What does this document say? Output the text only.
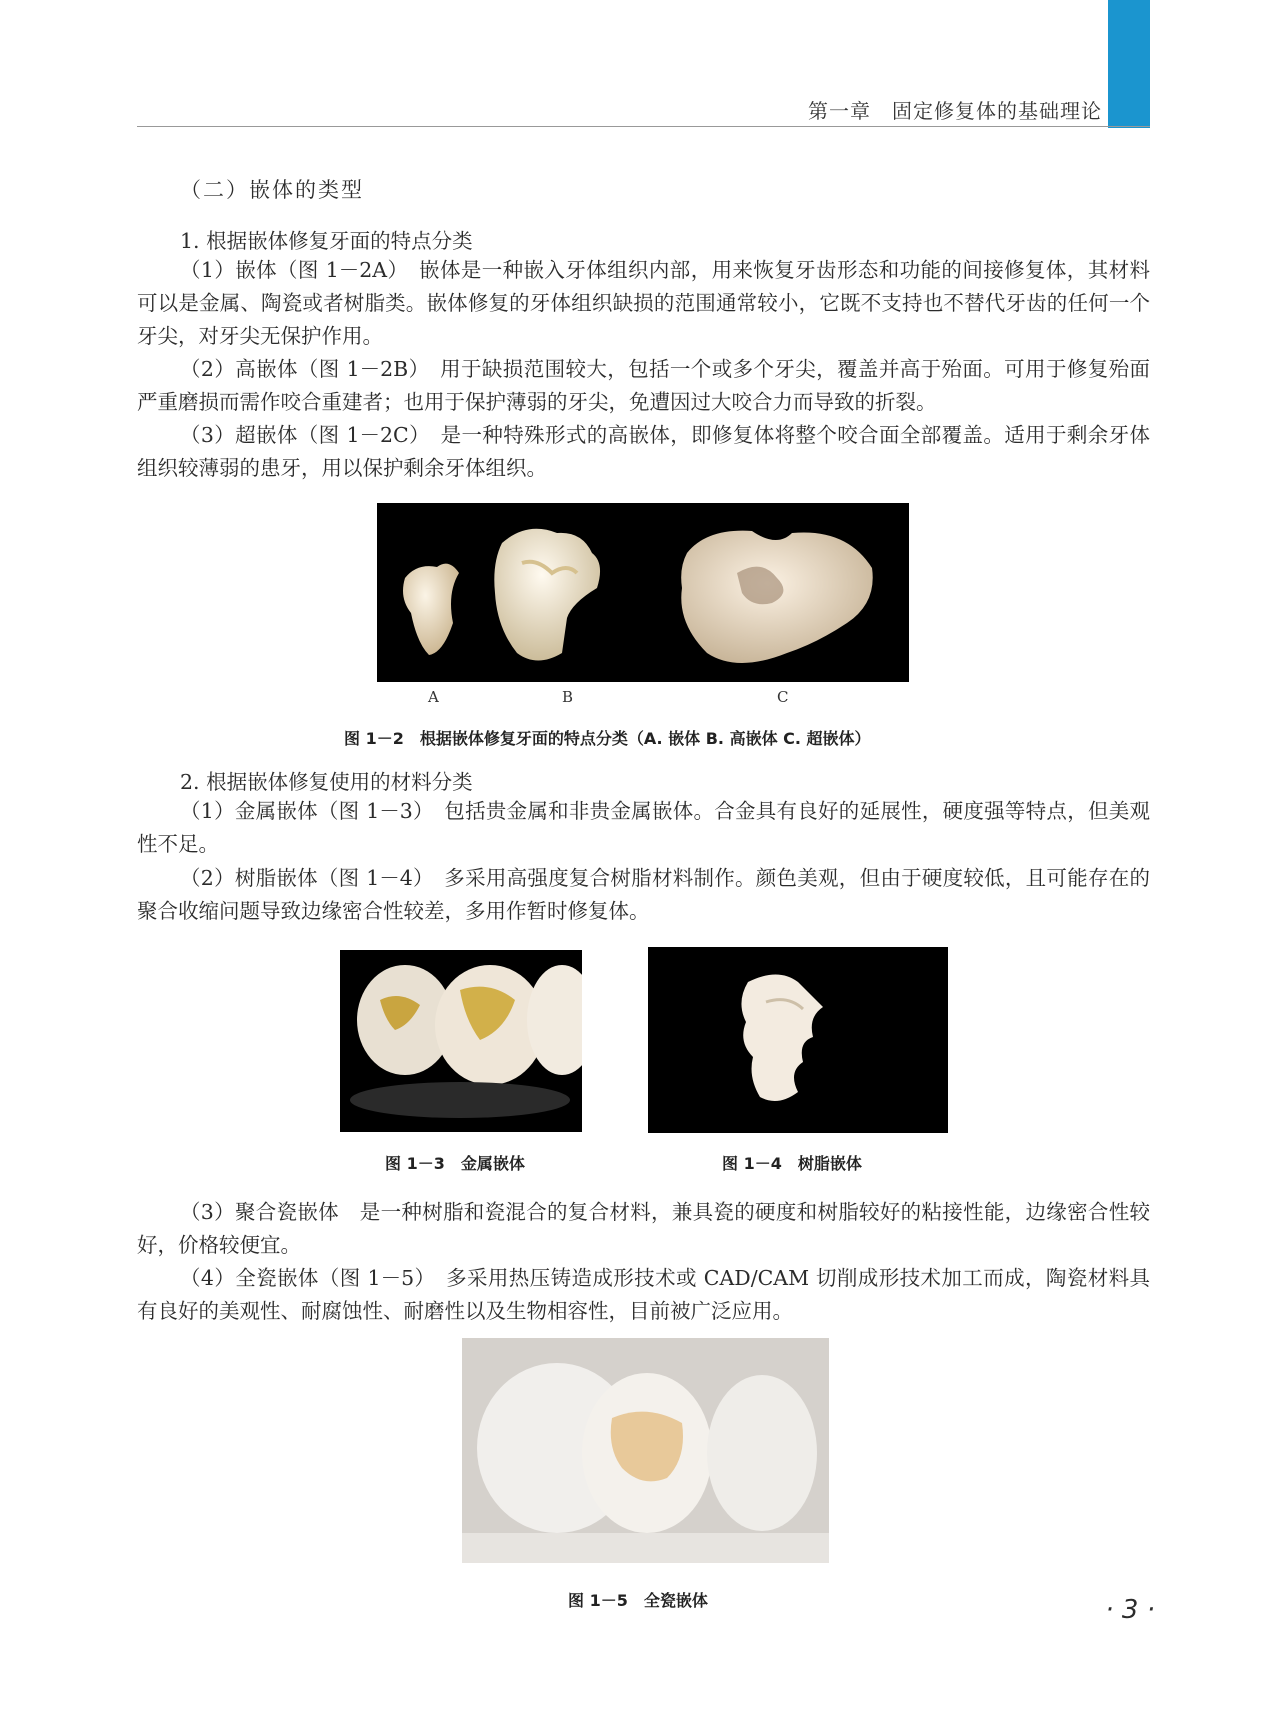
第一章　固定修复体的基础理论
（二）嵌体的类型
1. 根据嵌体修复牙面的特点分类

（1）嵌体（图 1－2A）　嵌体是一种嵌入牙体组织内部，用来恢复牙齿形态和功能的间接修复体，其材料可以是金属、陶瓷或者树脂类。嵌体修复的牙体组织缺损的范围通常较小，它既不支持也不替代牙齿的任何一个牙尖，对牙尖无保护作用。

（2）高嵌体（图 1－2B）　用于缺损范围较大，包括一个或多个牙尖，覆盖并高于殆面。可用于修复殆面严重磨损而需作咬合重建者；也用于保护薄弱的牙尖，免遭因过大咬合力而导致的折裂。

（3）超嵌体（图 1－2C）　是一种特殊形式的高嵌体，即修复体将整个咬合面全部覆盖。适用于剩余牙体组织较薄弱的患牙，用以保护剩余牙体组织。

A	B	C
图 1－2　根据嵌体修复牙面的特点分类（A. 嵌体 B. 高嵌体 C. 超嵌体）
2. 根据嵌体修复使用的材料分类

（1）金属嵌体（图 1－3）　包括贵金属和非贵金属嵌体。合金具有良好的延展性，硬度强等特点，但美观性不足。

（2）树脂嵌体（图 1－4）　多采用高强度复合树脂材料制作。颜色美观，但由于硬度较低，且可能存在的聚合收缩问题导致边缘密合性较差，多用作暂时修复体。

图 1－3　金属嵌体	图 1－4　树脂嵌体

（3）聚合瓷嵌体　是一种树脂和瓷混合的复合材料，兼具瓷的硬度和树脂较好的粘接性能，边缘密合性较好，价格较便宜。

（4）全瓷嵌体（图 1－5）　多采用热压铸造成形技术或 CAD/CAM 切削成形技术加工而成，陶瓷材料具有良好的美观性、耐腐蚀性、耐磨性以及生物相容性，目前被广泛应用。

图 1－5　全瓷嵌体	· 3 ·
